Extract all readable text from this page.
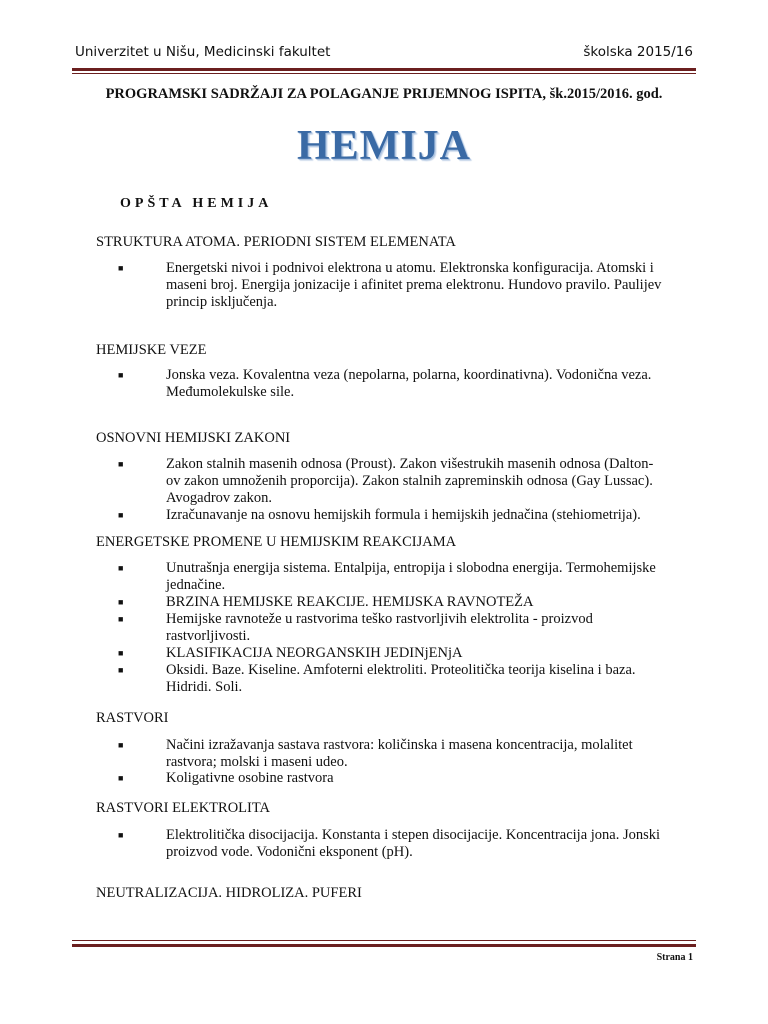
Univerzitet u Nišu, Medicinski fakultet	školska 2015/16
PROGRAMSKI SADRŽAJI ZA POLAGANJE PRIJEMNOG ISPITA, šk.2015/2016. god.
HEMIJA
OPŠTA HEMIJA
STRUKTURA ATOMA. PERIODNI SISTEM ELEMENATA
■	Energetski nivoi i podnivoi elektrona u atomu. Elektronska konfiguracija. Atomski i
maseni broj. Energija jonizacije i afinitet prema elektronu. Hundovo pravilo. Paulijev
princip isključenja.
HEMIJSKE VEZE
■	Jonska veza. Kovalentna veza (nepolarna, polarna, koordinativna). Vodonična veza.
Međumolekulske sile.
OSNOVNI HEMIJSKI ZAKONI
■	Zakon stalnih masenih odnosa (Proust). Zakon višestrukih masenih odnosa (Dalton-
ov zakon umnoženih proporcija). Zakon stalnih zapreminskih odnosa (Gay Lussac).
Avogadrov zakon.
■	Izračunavanje na osnovu hemijskih formula i hemijskih jednačina (stehiometrija).
ENERGETSKE PROMENE U HEMIJSKIM REAKCIJAMA
■	Unutrašnja energija sistema. Entalpija, entropija i slobodna energija. Termohemijske
jednačine.
■	BRZINA HEMIJSKE REAKCIJE. HEMIJSKA RAVNOTEŽA
■	Hemijske ravnoteže u rastvorima teško rastvorljivih elektrolita - proizvod
rastvorljivosti.
■	KLASIFIKACIJA NEORGANSKIH JEDINjENjA
■	Oksidi. Baze. Kiseline. Amfoterni elektroliti. Proteolitička teorija kiselina i baza.
Hidridi. Soli.
RASTVORI
■	Načini izražavanja sastava rastvora: količinska i masena koncentracija, molalitet
rastvora; molski i maseni udeo.
■	Koligativne osobine rastvora
RASTVORI ELEKTROLITA
■	Elektrolitička disocijacija. Konstanta i stepen disocijacije. Koncentracija jona. Jonski
proizvod vode. Vodonični eksponent (pH).
NEUTRALIZACIJA. HIDROLIZA. PUFERI
Strana 1
